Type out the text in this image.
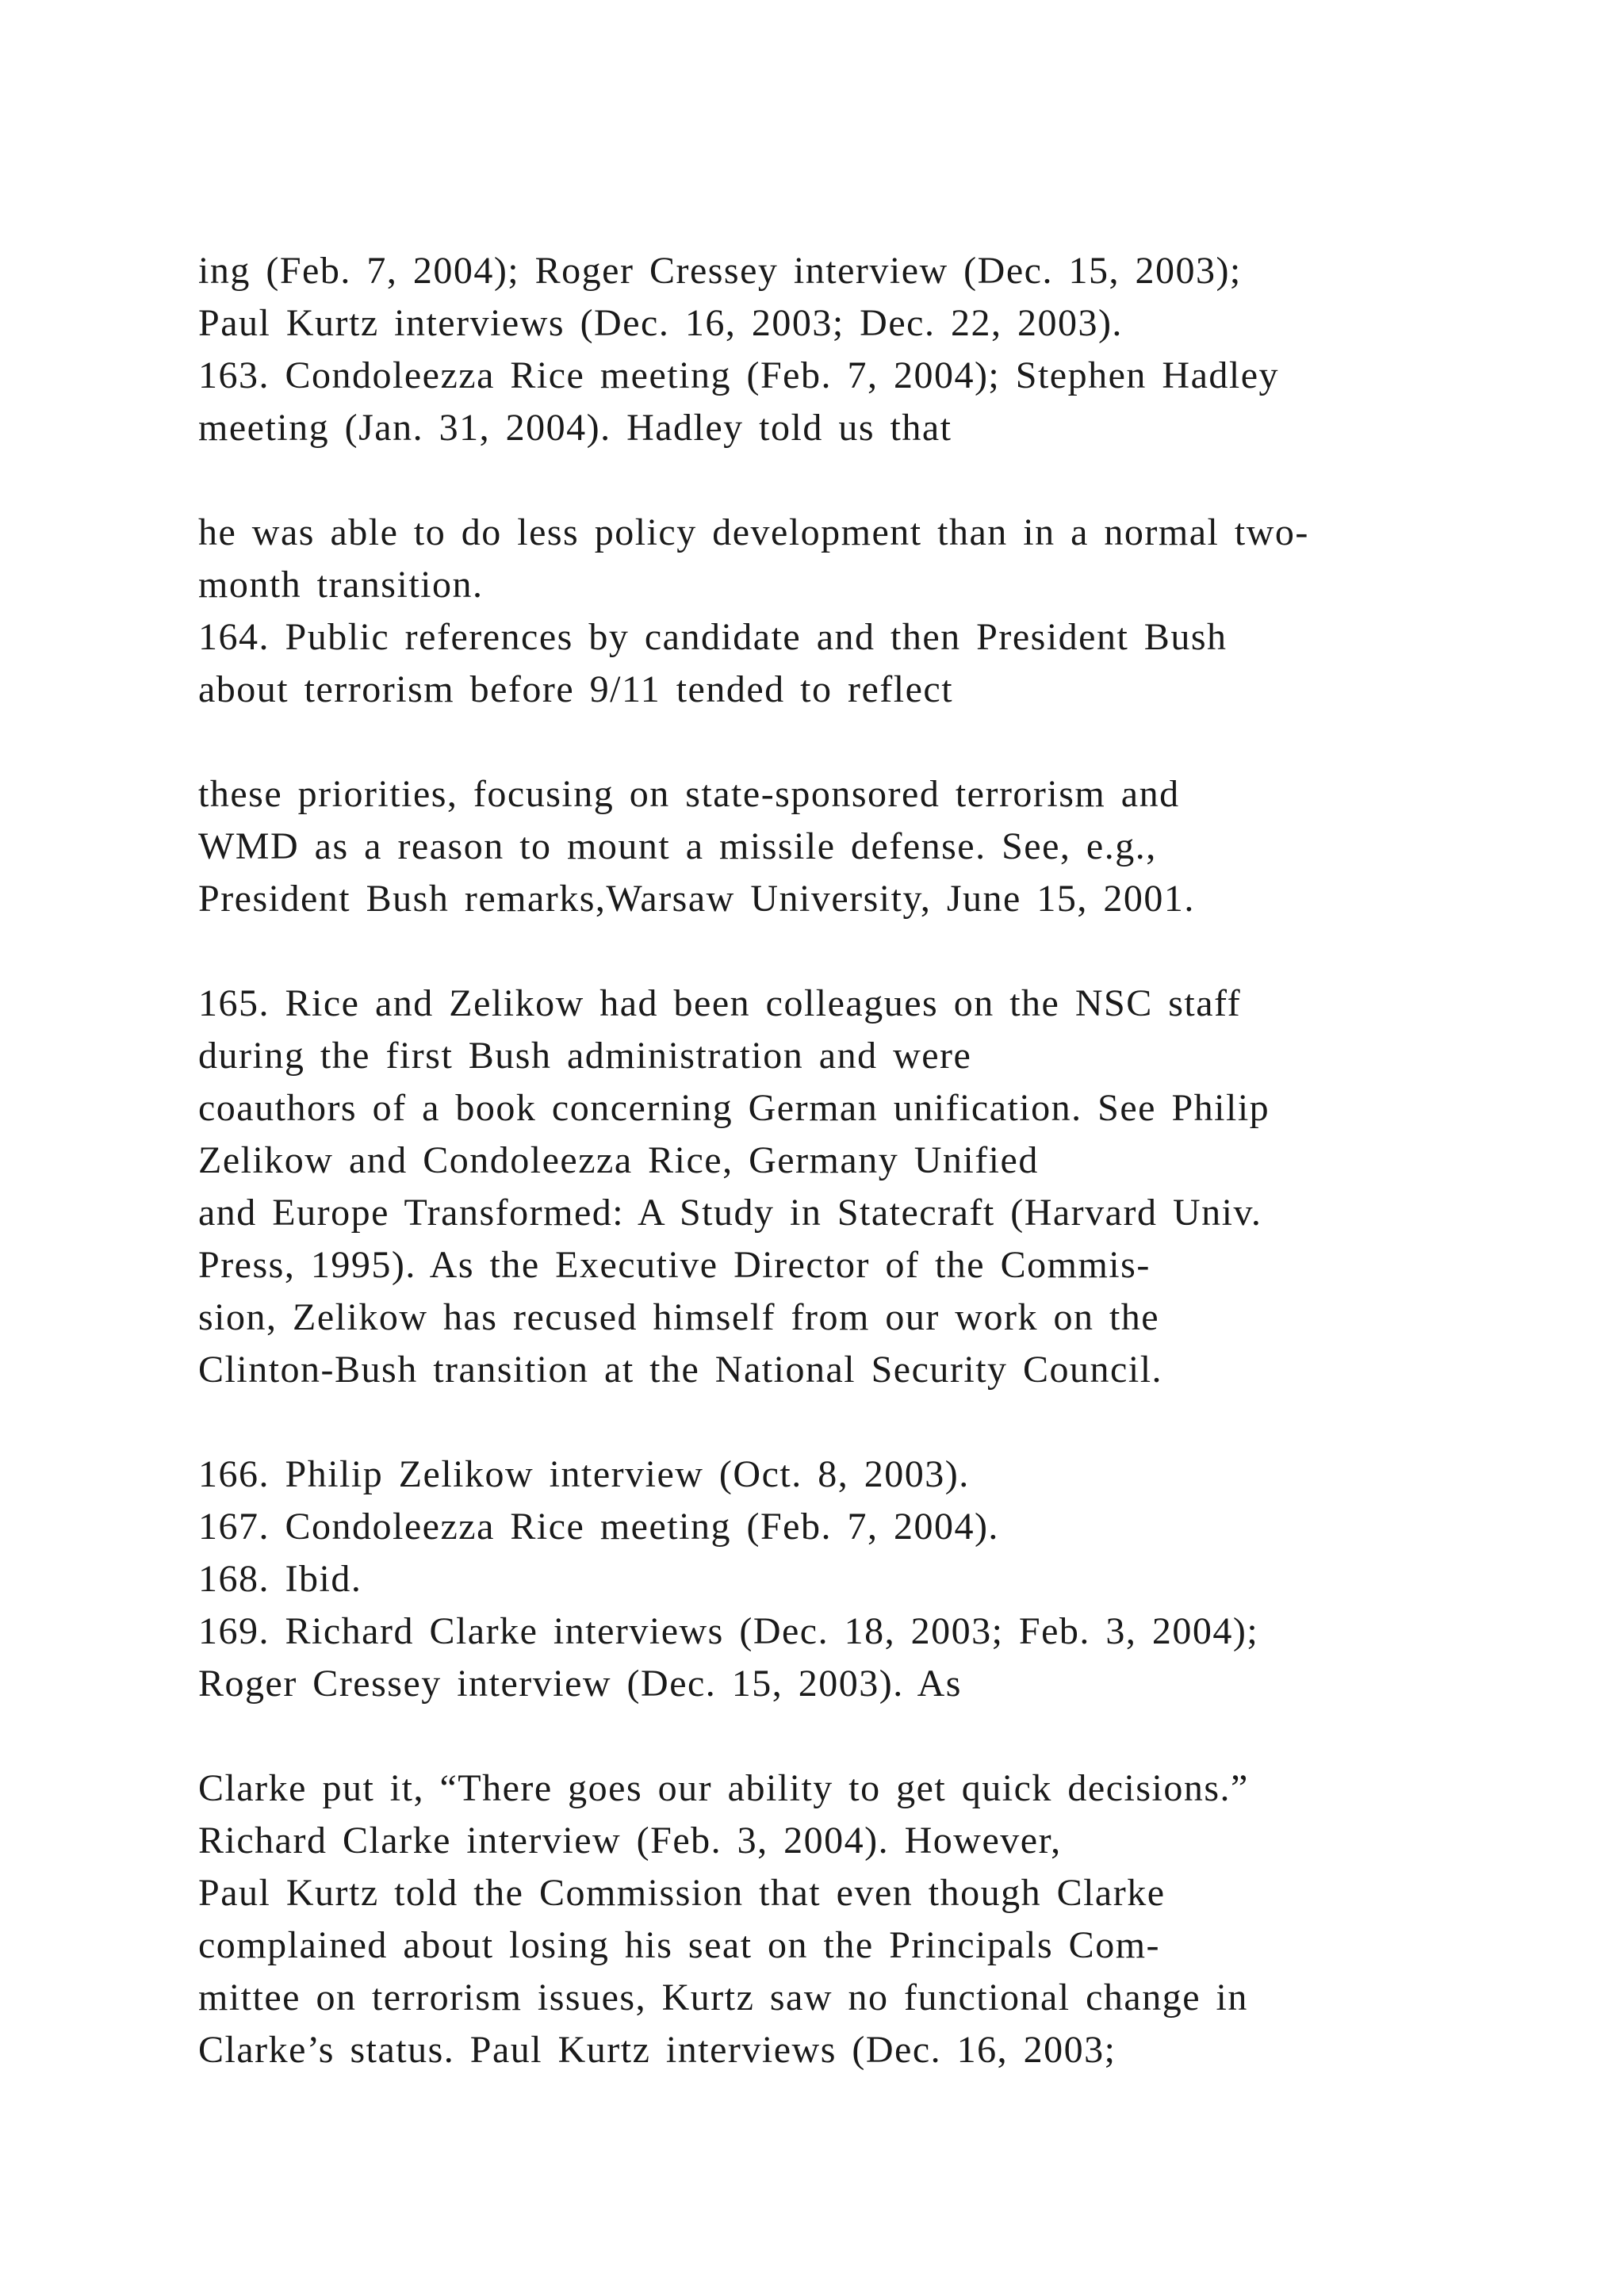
ing (Feb. 7, 2004); Roger Cressey interview (Dec. 15, 2003);
Paul Kurtz interviews (Dec. 16, 2003; Dec. 22, 2003).
163. Condoleezza Rice meeting (Feb. 7, 2004); Stephen Hadley
meeting (Jan. 31, 2004). Hadley told us that
he was able to do less policy development than in a normal two-
month transition.
164. Public references by candidate and then President Bush
about terrorism before 9/11 tended to reflect
these priorities, focusing on state-sponsored terrorism and
WMD as a reason to mount a missile defense. See, e.g.,
President Bush remarks,Warsaw University, June 15, 2001.
165. Rice and Zelikow had been colleagues on the NSC staff
during the first Bush administration and were
coauthors of a book concerning German unification. See Philip
Zelikow and Condoleezza Rice, Germany Unified
and Europe Transformed: A Study in Statecraft (Harvard Univ.
Press, 1995). As the Executive Director of the Commis-
sion, Zelikow has recused himself from our work on the
Clinton-Bush transition at the National Security Council.
166. Philip Zelikow interview (Oct. 8, 2003).
167. Condoleezza Rice meeting (Feb. 7, 2004).
168. Ibid.
169. Richard Clarke interviews (Dec. 18, 2003; Feb. 3, 2004);
Roger Cressey interview (Dec. 15, 2003). As
Clarke put it, “There goes our ability to get quick decisions.”
Richard Clarke interview (Feb. 3, 2004). However,
Paul Kurtz told the Commission that even though Clarke
complained about losing his seat on the Principals Com-
mittee on terrorism issues, Kurtz saw no functional change in
Clarke’s status. Paul Kurtz interviews (Dec. 16, 2003;
